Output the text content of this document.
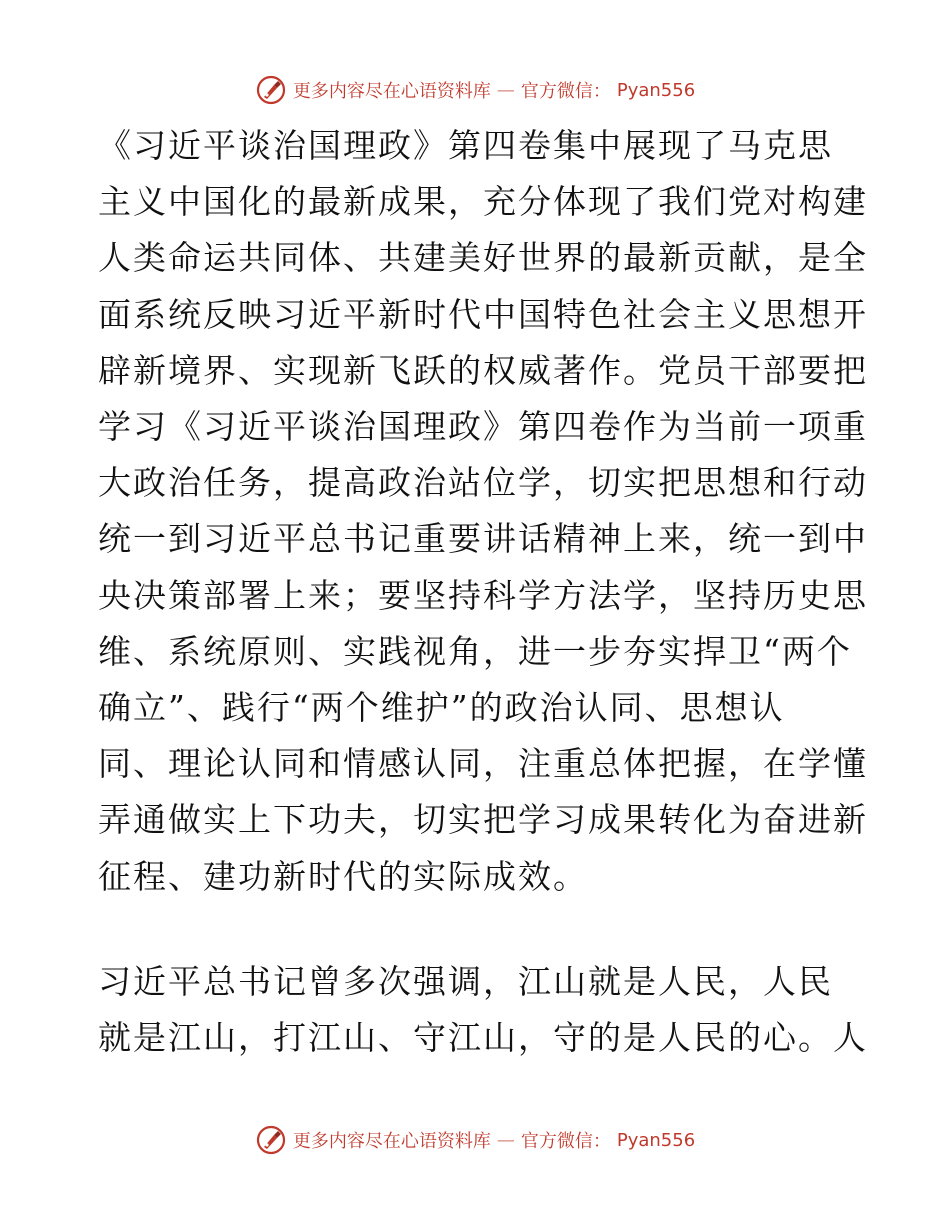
更多内容尽在心语资料库 — 官方微信： Pyan556
《习近平谈治国理政》第四卷集中展现了马克思
主义中国化的最新成果，充分体现了我们党对构建
人类命运共同体、共建美好世界的最新贡献，是全
面系统反映习近平新时代中国特色社会主义思想开
辟新境界、实现新飞跃的权威著作。党员干部要把
学习《习近平谈治国理政》第四卷作为当前一项重
大政治任务，提高政治站位学，切实把思想和行动
统一到习近平总书记重要讲话精神上来，统一到中
央决策部署上来；要坚持科学方法学，坚持历史思
维、系统原则、实践视角，进一步夯实捍卫“两个
确立”、践行“两个维护”的政治认同、思想认
同、理论认同和情感认同，注重总体把握，在学懂
弄通做实上下功夫，切实把学习成果转化为奋进新
征程、建功新时代的实际成效。
习近平总书记曾多次强调，江山就是人民，人民
就是江山，打江山、守江山，守的是人民的心。人
更多内容尽在心语资料库 — 官方微信： Pyan556
